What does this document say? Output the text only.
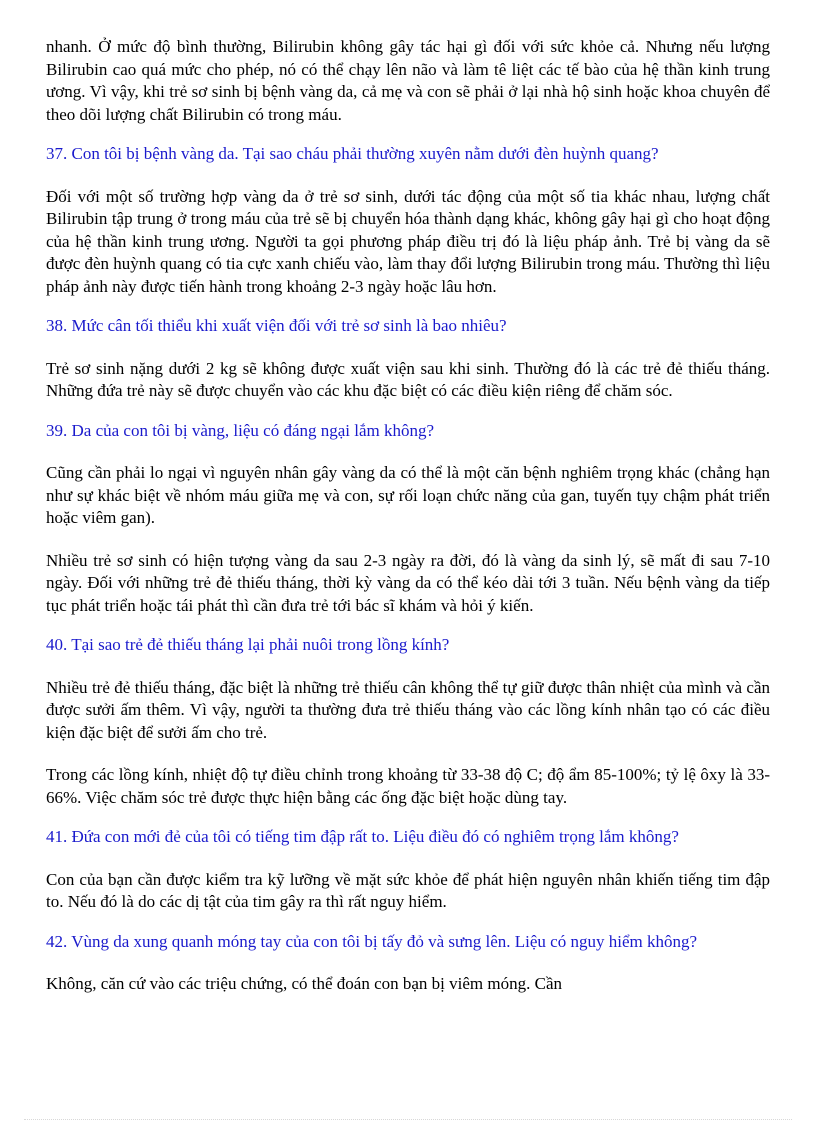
nhanh. Ở mức độ bình thường, Bilirubin không gây tác hại gì đối với sức khỏe cả. Nhưng nếu lượng Bilirubin cao quá mức cho phép, nó có thể chạy lên não và làm tê liệt các tế bào của hệ thần kinh trung ương. Vì vậy, khi trẻ sơ sinh bị bệnh vàng da, cả mẹ và con sẽ phải ở lại nhà hộ sinh hoặc khoa chuyên để theo dõi lượng chất Bilirubin có trong máu.

37. Con tôi bị bệnh vàng da. Tại sao cháu phải thường xuyên nằm dưới đèn huỳnh quang?

Đối với một số trường hợp vàng da ở trẻ sơ sinh, dưới tác động của một số tia khác nhau, lượng chất Bilirubin tập trung ở trong máu của trẻ sẽ bị chuyển hóa thành dạng khác, không gây hại gì cho hoạt động của hệ thần kinh trung ương. Người ta gọi phương pháp điều trị đó là liệu pháp ảnh. Trẻ bị vàng da sẽ được đèn huỳnh quang có tia cực xanh chiếu vào, làm thay đổi lượng Bilirubin trong máu. Thường thì liệu pháp ảnh này được tiến hành trong khoảng 2-3 ngày hoặc lâu hơn.

38. Mức cân tối thiểu khi xuất viện đối với trẻ sơ sinh là bao nhiêu?

Trẻ sơ sinh nặng dưới 2 kg sẽ không được xuất viện sau khi sinh. Thường đó là các trẻ đẻ thiếu tháng. Những đứa trẻ này sẽ được chuyển vào các khu đặc biệt có các điều kiện riêng để chăm sóc.

39. Da của con tôi bị vàng, liệu có đáng ngại lắm không?

Cũng cần phải lo ngại vì nguyên nhân gây vàng da có thể là một căn bệnh nghiêm trọng khác (chẳng hạn như sự khác biệt về nhóm máu giữa mẹ và con, sự rối loạn chức năng của gan, tuyến tụy chậm phát triển hoặc viêm gan).

Nhiều trẻ sơ sinh có hiện tượng vàng da sau 2-3 ngày ra đời, đó là vàng da sinh lý, sẽ mất đi sau 7-10 ngày. Đối với những trẻ đẻ thiếu tháng, thời kỳ vàng da có thể kéo dài tới 3 tuần. Nếu bệnh vàng da tiếp tục phát triển hoặc tái phát thì cần đưa trẻ tới bác sĩ khám và hỏi ý kiến.

40. Tại sao trẻ đẻ thiếu tháng lại phải nuôi trong lồng kính?

Nhiều trẻ đẻ thiếu tháng, đặc biệt là những trẻ thiếu cân không thể tự giữ được thân nhiệt của mình và cần được sưởi ấm thêm. Vì vậy, người ta thường đưa trẻ thiếu tháng vào các lồng kính nhân tạo có các điều kiện đặc biệt để sưởi ấm cho trẻ.

Trong các lồng kính, nhiệt độ tự điều chỉnh trong khoảng từ 33-38 độ C; độ ẩm 85-100%; tỷ lệ ôxy là 33-66%. Việc chăm sóc trẻ được thực hiện bằng các ống đặc biệt hoặc dùng tay.

41. Đứa con mới đẻ của tôi có tiếng tim đập rất to. Liệu điều đó có nghiêm trọng lắm không?

Con của bạn cần được kiểm tra kỹ lưỡng về mặt sức khỏe để phát hiện nguyên nhân khiến tiếng tim đập to. Nếu đó là do các dị tật của tim gây ra thì rất nguy hiểm.

42. Vùng da xung quanh móng tay của con tôi bị tấy đỏ và sưng lên. Liệu có nguy hiểm không?

Không, căn cứ vào các triệu chứng, có thể đoán con bạn bị viêm móng. Cần
